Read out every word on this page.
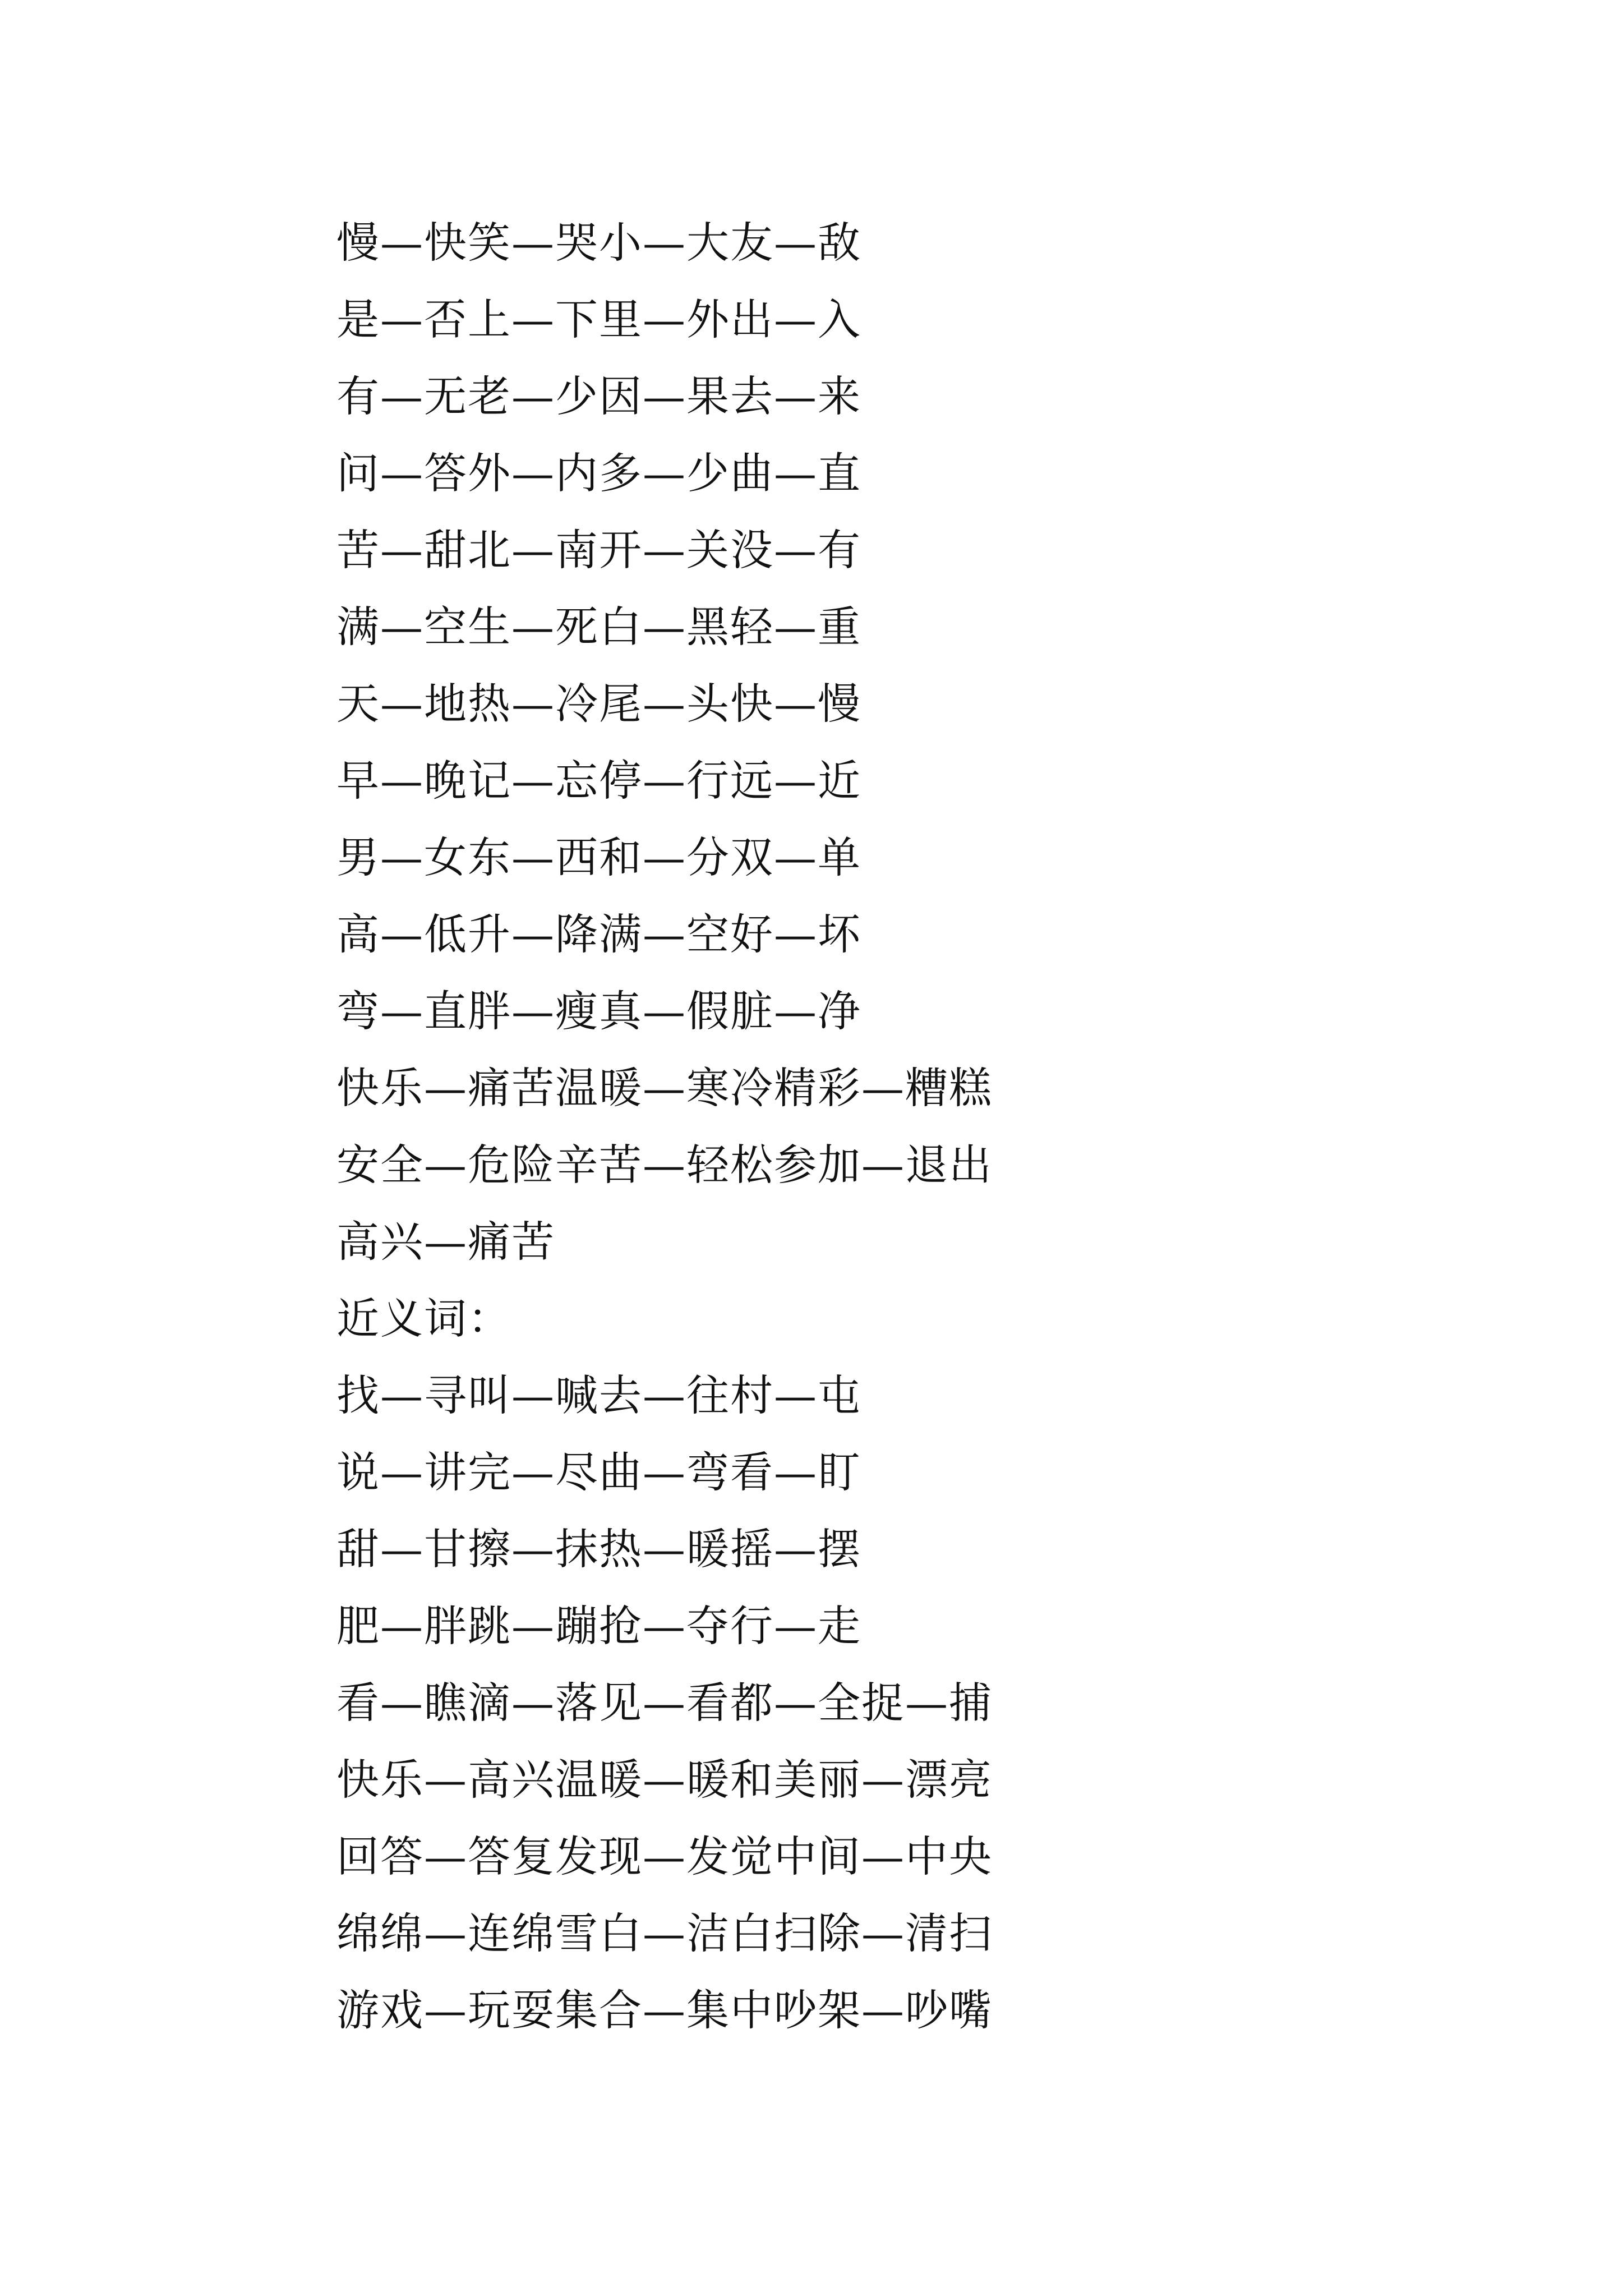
慢—快笑—哭小—大友—敌
是—否上—下里—外出—入
有—无老—少因—果去—来
问—答外—内多—少曲—直
苦—甜北—南开—关没—有
满—空生—死白—黑轻—重
天—地热—冷尾—头快—慢
早—晚记—忘停—行远—近
男—女东—西和—分双—单
高—低升—降满—空好—坏
弯—直胖—瘦真—假脏—净
快乐—痛苦温暖—寒冷精彩—糟糕
安全—危险辛苦—轻松参加—退出
高兴—痛苦
近义词：
找—寻叫—喊去—往村—屯
说—讲完—尽曲—弯看—盯
甜—甘擦—抹热—暖摇—摆
肥—胖跳—蹦抢—夺行—走
看—瞧滴—落见—看都—全捉—捕
快乐—高兴温暖—暖和美丽—漂亮
回答—答复发现—发觉中间—中央
绵绵—连绵雪白—洁白扫除—清扫
游戏—玩耍集合—集中吵架—吵嘴
